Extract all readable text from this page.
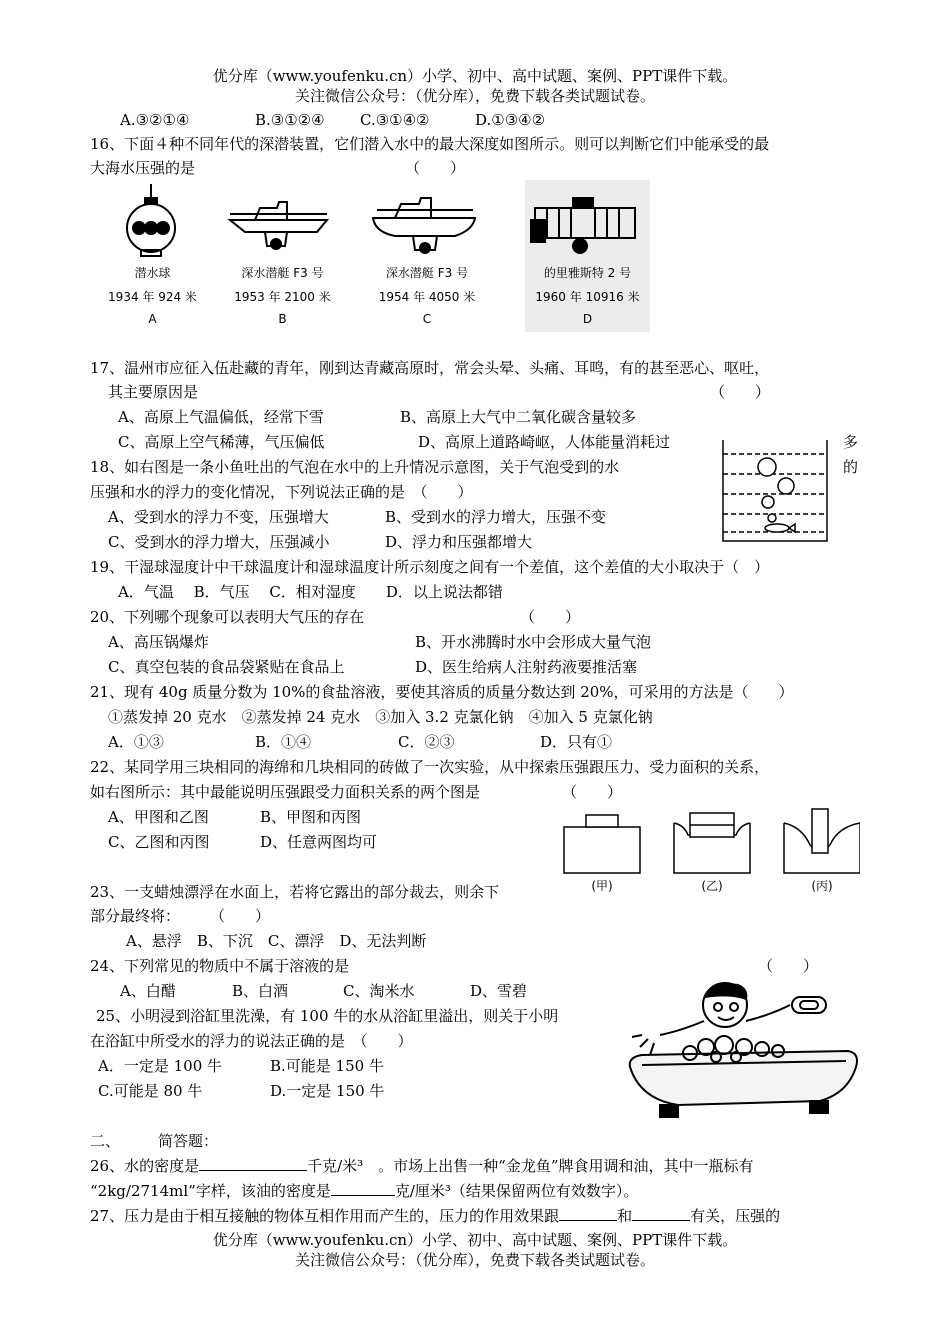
优分库（www.youfenku.cn）小学、初中、高中试题、案例、PPT课件下载。
关注微信公众号：（优分库），免费下载各类试题试卷。
A.③②①④	B.③①②④ C.③①④②	D.①③④②
16、下面４种不同年代的深潜装置，它们潜入水中的最大深度如图所示。则可以判断它们中能承受的最
大海水压强的是	（　　）
潜水球
1934 年 924 米
A
深水潜艇 F3 号
1953 年 2100 米
B
深水潜艇 F3 号
1954 年 4050 米
C
的里雅斯特 2 号
1960 年 10916 米
D
17、温州市应征入伍赴藏的青年，刚到达青藏高原时，常会头晕、头痛、耳鸣，有的甚至恶心、呕吐，
其主要原因是	（　　）
A、高原上气温偏低，经常下雪	B、高原上大气中二氧化碳含量较多
C、高原上空气稀薄，气压偏低	D、高原上道路崎岖，人体能量消耗过	多
18、如右图是一条小鱼吐出的气泡在水中的上升情况示意图，关于气泡受到的水	的
压强和水的浮力的变化情况，下列说法正确的是　（　　）
A、受到水的浮力不变，压强增大	B、受到水的浮力增大，压强不变
C、受到水的浮力增大，压强减小	D、浮力和压强都增大
19、干湿球湿度计中干球温度计和湿球温度计所示刻度之间有一个差值，这个差值的大小取决于（　）
A．气温　 B．气压　 C．相对湿度　　D．以上说法都错
20、下列哪个现象可以表明大气压的存在	（　　）
A、高压锅爆炸	B、开水沸腾时水中会形成大量气泡
C、真空包装的食品袋紧贴在食品上	D、医生给病人注射药液要推活塞
21、现有 40g 质量分数为 10%的食盐溶液，要使其溶质的质量分数达到 20%，可采用的方法是（　　）
①蒸发掉 20 克水　②蒸发掉 24 克水　③加入 3.2 克氯化钠　④加入 5 克氯化钠
A．①③	B．①④	C．②③	D．只有①
22、某同学用三块相同的海绵和几块相同的砖做了一次实验，从中探索压强跟压力、受力面积的关系，
如右图所示：其中最能说明压强跟受力面积关系的两个图是	（　　）
A、甲图和乙图	B、甲图和丙图
C、乙图和丙图	D、任意两图均可
(甲)	(乙)	(丙)
23、一支蜡烛漂浮在水面上，若将它露出的部分裁去，则余下
部分最终将：　　　（　　）
A、悬浮　B、下沉　C、漂浮　D、无法判断
24、下列常见的物质中不属于溶液的是	（　　）
A、白醋	B、白酒	C、淘米水	D、雪碧
25、小明浸到浴缸里洗澡，有 100 牛的水从浴缸里溢出，则关于小明
在浴缸中所受水的浮力的说法正确的是　（　　）
A．一定是 100 牛	B.可能是 150 牛
C.可能是 80 牛	D.一定是 150 牛
二、	简答题：
26、水的密度是	千克/米³　。市场上出售一种“金龙鱼”牌食用调和油，其中一瓶标有
“2kg/2714ml”字样，该油的密度是	克/厘米³（结果保留两位有效数字）。
27、压力是由于相互接触的物体互相作用而产生的，压力的作用效果跟	和	有关，压强的
优分库（www.youfenku.cn）小学、初中、高中试题、案例、PPT课件下载。
关注微信公众号：（优分库），免费下载各类试题试卷。
